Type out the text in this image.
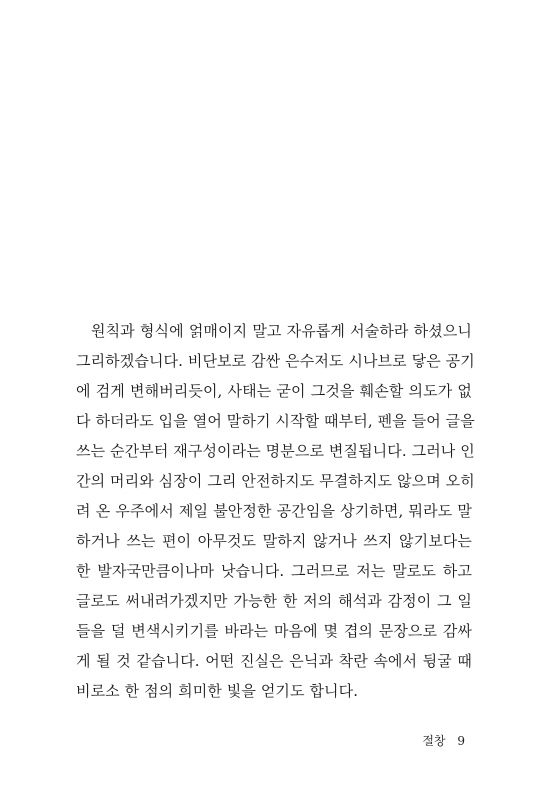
원칙과 형식에 얽매이지 말고 자유롭게 서술하라 하셨으니
그리하겠습니다. 비단보로 감싼 은수저도 시나브로 닿은 공기
에 검게 변해버리듯이, 사태는 굳이 그것을 훼손할 의도가 없
다 하더라도 입을 열어 말하기 시작할 때부터, 펜을 들어 글을
쓰는 순간부터 재구성이라는 명분으로 변질됩니다. 그러나 인
간의 머리와 심장이 그리 안전하지도 무결하지도 않으며 오히
려 온 우주에서 제일 불안정한 공간임을 상기하면, 뭐라도 말
하거나 쓰는 편이 아무것도 말하지 않거나 쓰지 않기보다는
한 발자국만큼이나마 낫습니다. 그러므로 저는 말로도 하고
글로도 써내려가겠지만 가능한 한 저의 해석과 감정이 그 일
들을 덜 변색시키기를 바라는 마음에 몇 겹의 문장으로 감싸
게 될 것 같습니다. 어떤 진실은 은닉과 착란 속에서 뒹굴 때
비로소 한 점의 희미한 빛을 얻기도 합니다.
절창 9
